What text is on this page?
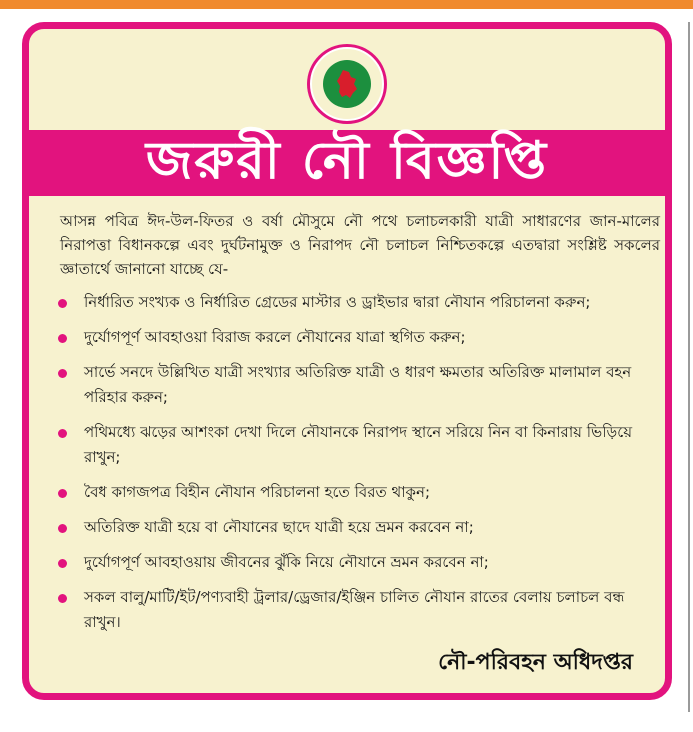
জরুরী নৌ বিজ্ঞপ্তি

আসন্ন পবিত্র ঈদ-উল-ফিতর ও বর্ষা মৌসুমে নৌ পথে চলাচলকারী যাত্রী সাধারণের জান-মালের নিরাপত্তা বিধানকল্পে এবং দুর্ঘটনামুক্ত ও নিরাপদ নৌ চলাচল নিশ্চিতকল্পে এতদ্বারা সংশ্লিষ্ট সকলের জ্ঞাতার্থে জানানো যাচ্ছে যে-

নির্ধারিত সংখ্যক ও নির্ধারিত গ্রেডের মাস্টার ও ড্রাইভার দ্বারা নৌযান পরিচালনা করুন;
দুর্যোগপূর্ণ আবহাওয়া বিরাজ করলে নৌযানের যাত্রা স্থগিত করুন;
সার্ভে সনদে উল্লিখিত যাত্রী সংখ্যার অতিরিক্ত যাত্রী ও ধারণ ক্ষমতার অতিরিক্ত মালামাল বহন পরিহার করুন;
পথিমধ্যে ঝড়ের আশংকা দেখা দিলে নৌযানকে নিরাপদ স্থানে সরিয়ে নিন বা কিনারায় ভিড়িয়ে রাখুন;
বৈধ কাগজপত্র বিহীন নৌযান পরিচালনা হতে বিরত থাকুন;
অতিরিক্ত যাত্রী হয়ে বা নৌযানের ছাদে যাত্রী হয়ে ভ্রমন করবেন না;
দুর্যোগপূর্ণ আবহাওয়ায় জীবনের ঝুঁকি নিয়ে নৌযানে ভ্রমন করবেন না;
সকল বালু/মাটি/ইট/পণ্যবাহী ট্রলার/ড্রেজার/ইঞ্জিন চালিত নৌযান রাতের বেলায় চলাচল বন্ধ রাখুন।
নৌ-পরিবহন অধিদপ্তর
